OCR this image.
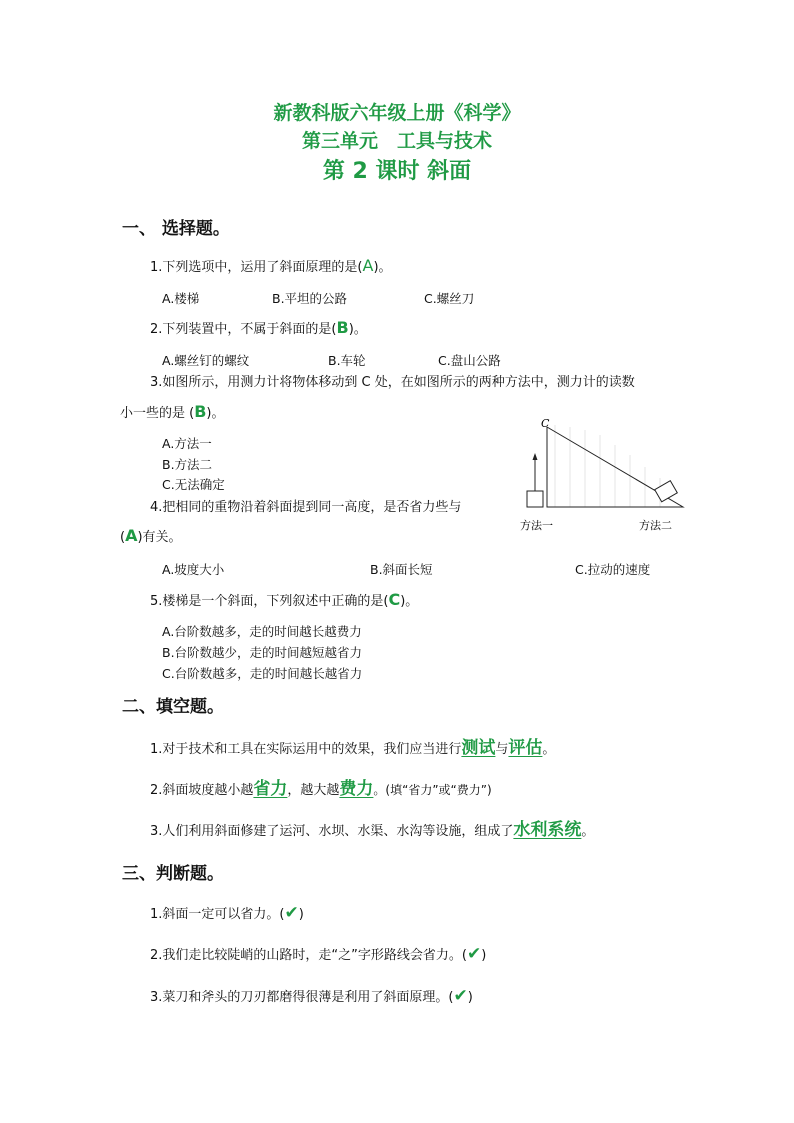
新教科版六年级上册《科学》
第三单元　工具与技术
第 2 课时 斜面
一、 选择题。
1.下列选项中，运用了斜面原理的是(A)。
A.楼梯	B.平坦的公路	C.螺丝刀
2.下列装置中，不属于斜面的是(B)。
A.螺丝钉的螺纹	B.车轮	C.盘山公路
3.如图所示，用测力计将物体移动到 C 处，在如图所示的两种方法中，测力计的读数
小一些的是 (B)。
A.方法一
B.方法二
C.无法确定
C
方法一	方法二
4.把相同的重物沿着斜面提到同一高度，是否省力些与
(A)有关。
A.坡度大小	B.斜面长短	C.拉动的速度
5.楼梯是一个斜面，下列叙述中正确的是(C)。
A.台阶数越多，走的时间越长越费力
B.台阶数越少，走的时间越短越省力
C.台阶数越多，走的时间越长越省力
二、填空题。
1.对于技术和工具在实际运用中的效果，我们应当进行测试与评估。
2.斜面坡度越小越省力，越大越费力。(填“省力”或“费力”)
3.人们利用斜面修建了运河、水坝、水渠、水沟等设施，组成了水利系统。
三、判断题。
1.斜面一定可以省力。(✔)
2.我们走比较陡峭的山路时，走“之”字形路线会省力。(✔)
3.菜刀和斧头的刀刃都磨得很薄是利用了斜面原理。(✔)
